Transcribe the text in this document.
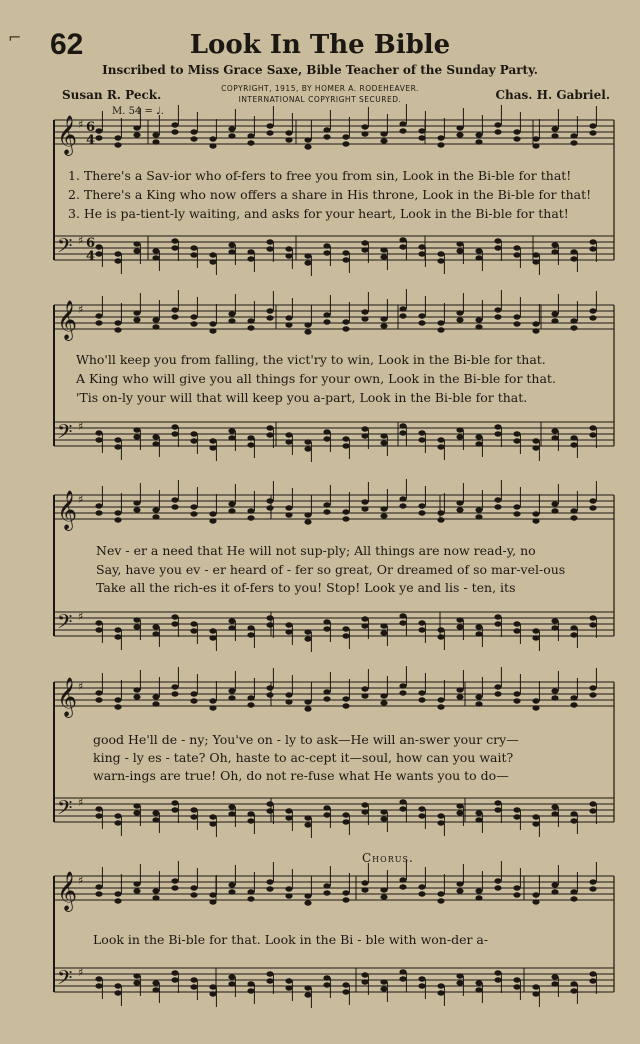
⌐ 62	Look In The Bible
Inscribed to Miss Grace Saxe, Bible Teacher of the Sunday Party.
COPYRIGHT, 1915, BY HOMER A. RODEHEAVER.
INTERNATIONAL COPYRIGHT SECURED.
Susan R. Peck.	Chas. H. Gabriel.
M. 54 = ♩.
1. There's a Sav-ior who of-fers to free you from sin, Look in the Bi-ble for that!
2. There's a King who now offers a share in His throne, Look in the Bi-ble for that!
3. He is pa-tient-ly waiting, and asks for your heart, Look in the Bi-ble for that!
Who'll keep you from falling, the vict'ry to win, Look in the Bi-ble for that.
A King who will give you all things for your own, Look in the Bi-ble for that.
'Tis on-ly your will that will keep you a-part, Look in the Bi-ble for that.
Nev - er a need that He will not sup-ply; All things are now read-y, no
Say, have you ev - er heard of - fer so great, Or dreamed of so mar-vel-ous
Take all the rich-es it of-fers to you! Stop! Look ye and lis - ten, its
good He'll de - ny; You've on - ly to ask—He will an-swer your cry—
king - ly es - tate? Oh, haste to ac-cept it—soul, how can you wait?
warn-ings are true! Oh, do not re-fuse what He wants you to do—
Chorus.
Look in the Bi-ble for that. Look in the Bi - ble with won-der a-
𝄞 ♯
𝄢 ♯
𝄞 ♯
𝄢 ♯
𝄞 ♯
𝄢 ♯
𝄞 ♯
𝄢 ♯
𝄞 ♯
𝄢 ♯
6
4
6
4
